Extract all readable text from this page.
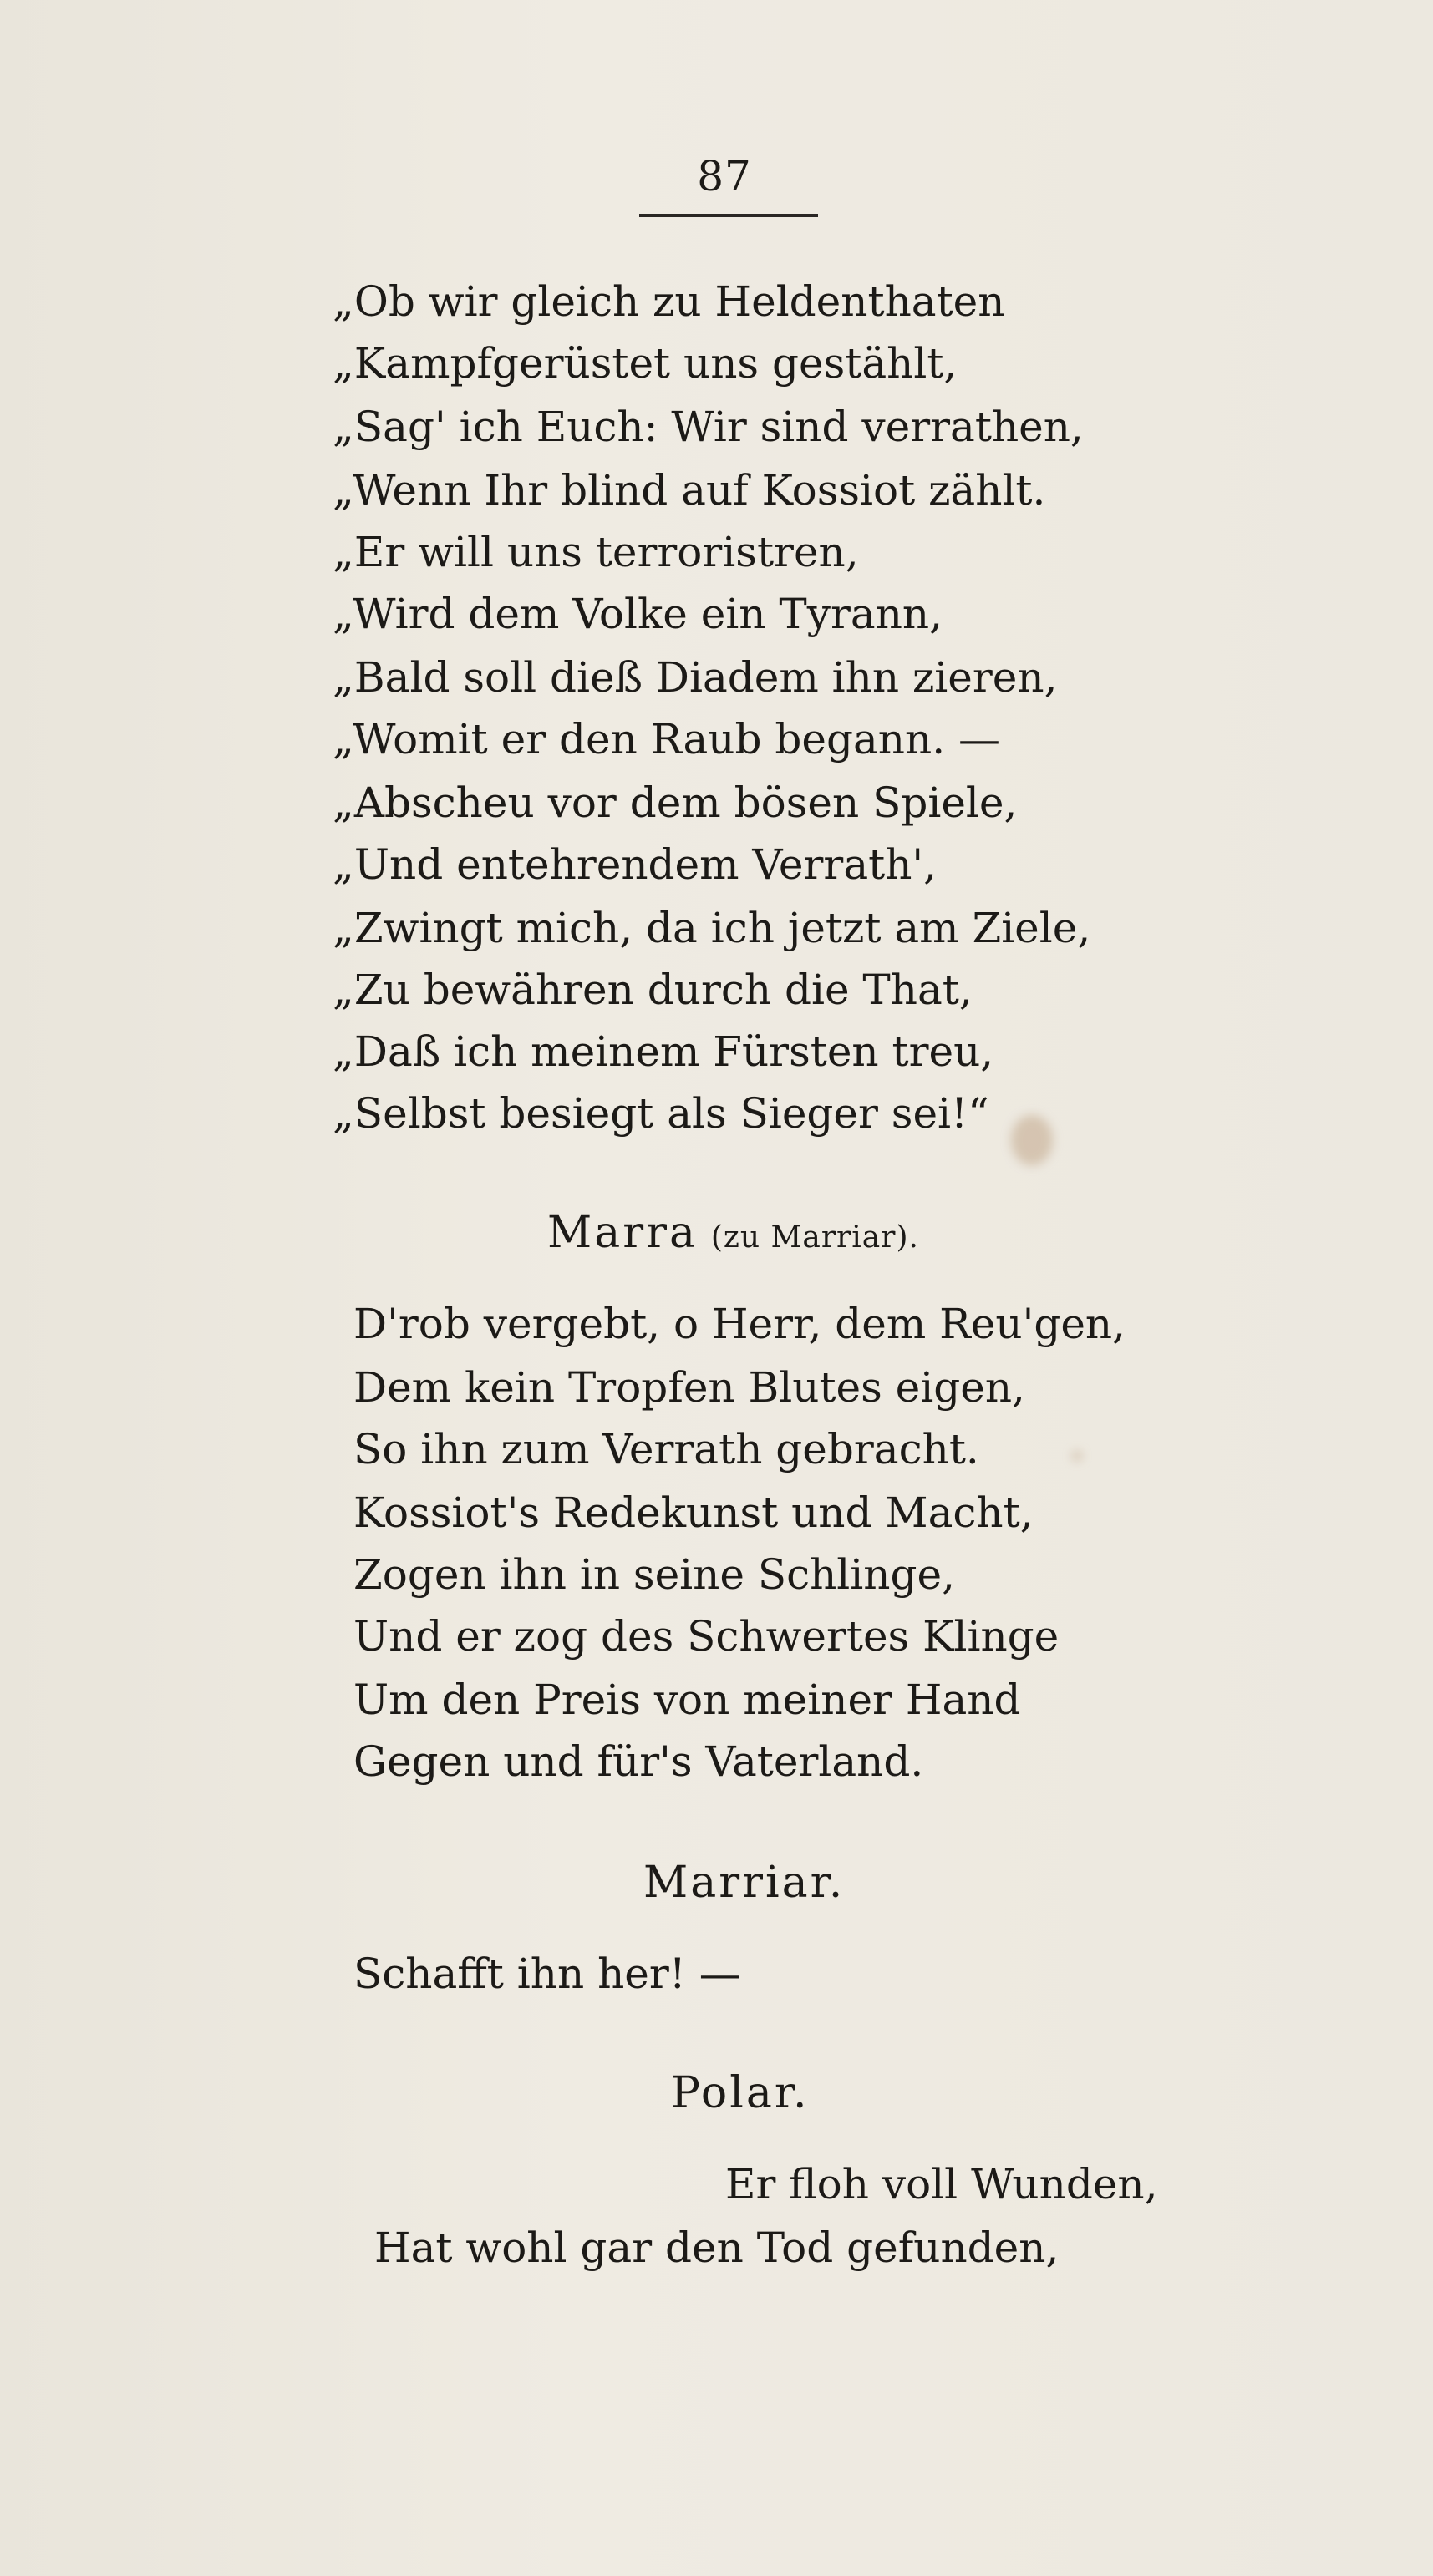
87
„Ob wir gleich zu Heldenthaten
„Kampfgerüstet uns gestählt,
„Sag' ich Euch: Wir sind verrathen,
„Wenn Ihr blind auf Kossiot zählt.
„Er will uns terroristren,
„Wird dem Volke ein Tyrann,
„Bald soll dieß Diadem ihn zieren,
„Womit er den Raub begann. —
„Abscheu vor dem bösen Spiele,
„Und entehrendem Verrath',
„Zwingt mich, da ich jetzt am Ziele,
„Zu bewähren durch die That,
„Daß ich meinem Fürsten treu,
„Selbst besiegt als Sieger sei!“
Marra (zu Marriar).
D'rob vergebt, o Herr, dem Reu'gen,
Dem kein Tropfen Blutes eigen,
So ihn zum Verrath gebracht.
Kossiot's Redekunst und Macht,
Zogen ihn in seine Schlinge,
Und er zog des Schwertes Klinge
Um den Preis von meiner Hand
Gegen und für's Vaterland.
Marriar.
Schafft ihn her! —
Polar.
Er floh voll Wunden,
Hat wohl gar den Tod gefunden,
